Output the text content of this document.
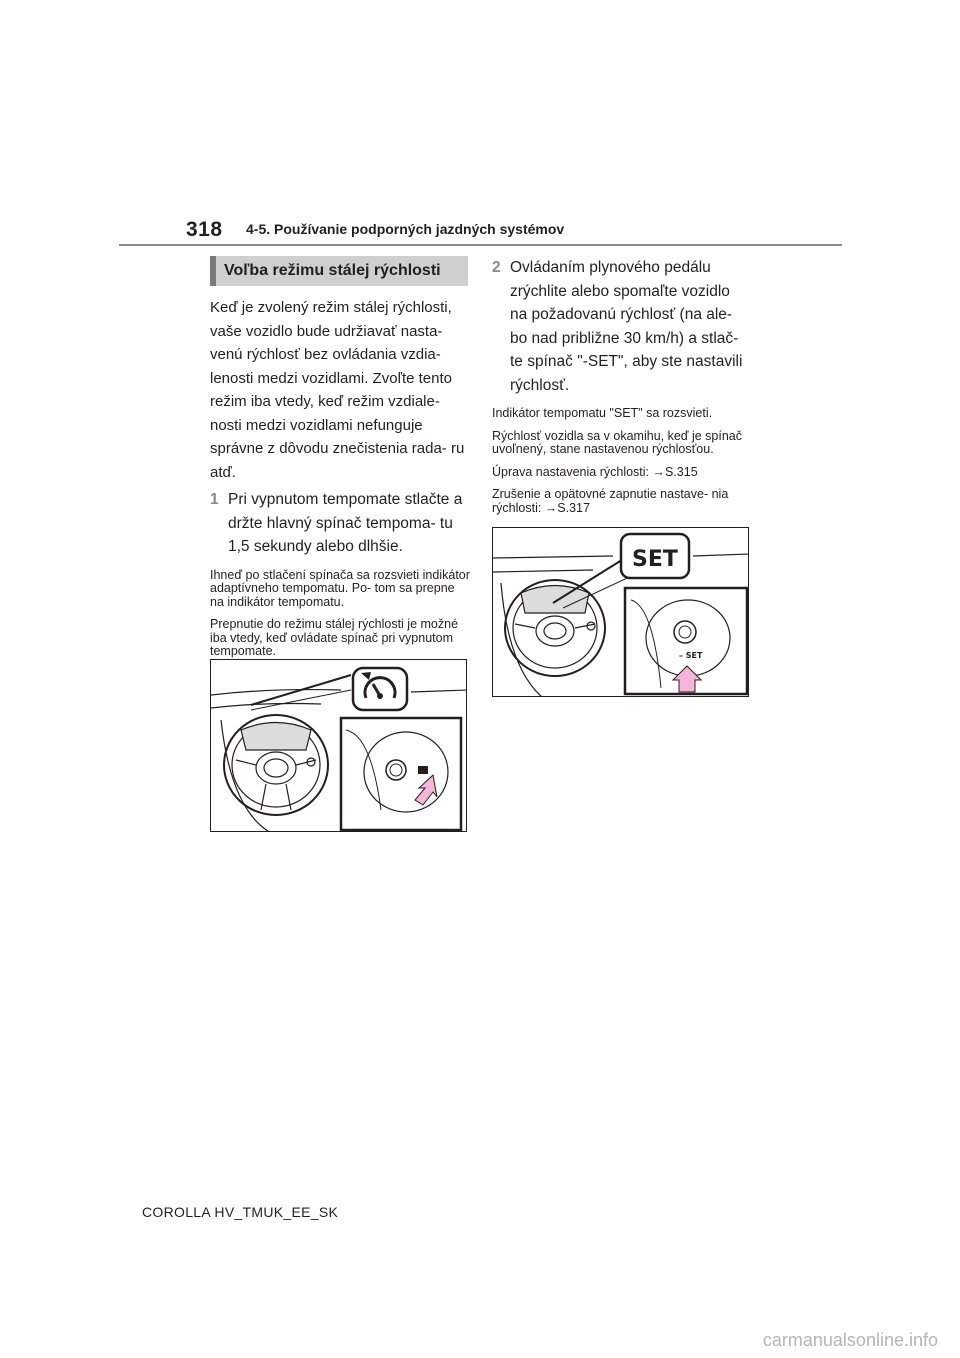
318 4-5. Používanie podporných jazdných systémov
Voľba režimu stálej rýchlosti

Keď je zvolený režim stálej rýchlosti, vaše vozidlo bude udržiavať nasta- venú rýchlosť bez ovládania vzdia- lenosti medzi vozidlami. Zvoľte tento režim iba vtedy, keď režim vzdiale- nosti medzi vozidlami nefunguje správne z dôvodu znečistenia rada- ru atď.

1 Pri vypnutom tempomate stlačte a držte hlavný spínač tempoma- tu 1,5 sekundy alebo dlhšie.

Ihneď po stlačení spínača sa rozsvieti indikátor adaptívneho tempomatu. Po- tom sa prepne na indikátor tempomatu.

Prepnutie do režimu stálej rýchlosti je možné iba vtedy, keď ovládate spínač pri vypnutom tempomate.

2 Ovládaním plynového pedálu zrýchlite alebo spomaľte vozidlo na požadovanú rýchlosť (na ale- bo nad približne 30 km/h) a stlač- te spínač "-SET", aby ste nastavili rýchlosť.

Indikátor tempomatu "SET" sa rozsvieti.

Rýchlosť vozidla sa v okamihu, keď je spínač uvoľnený, stane nastavenou rýchlosťou.

Úprava nastavenia rýchlosti: →S.315

Zrušenie a opätovné zapnutie nastave- nia rýchlosti: →S.317

SET
– SET
COROLLA HV_TMUK_EE_SK
carmanualsonline.info
